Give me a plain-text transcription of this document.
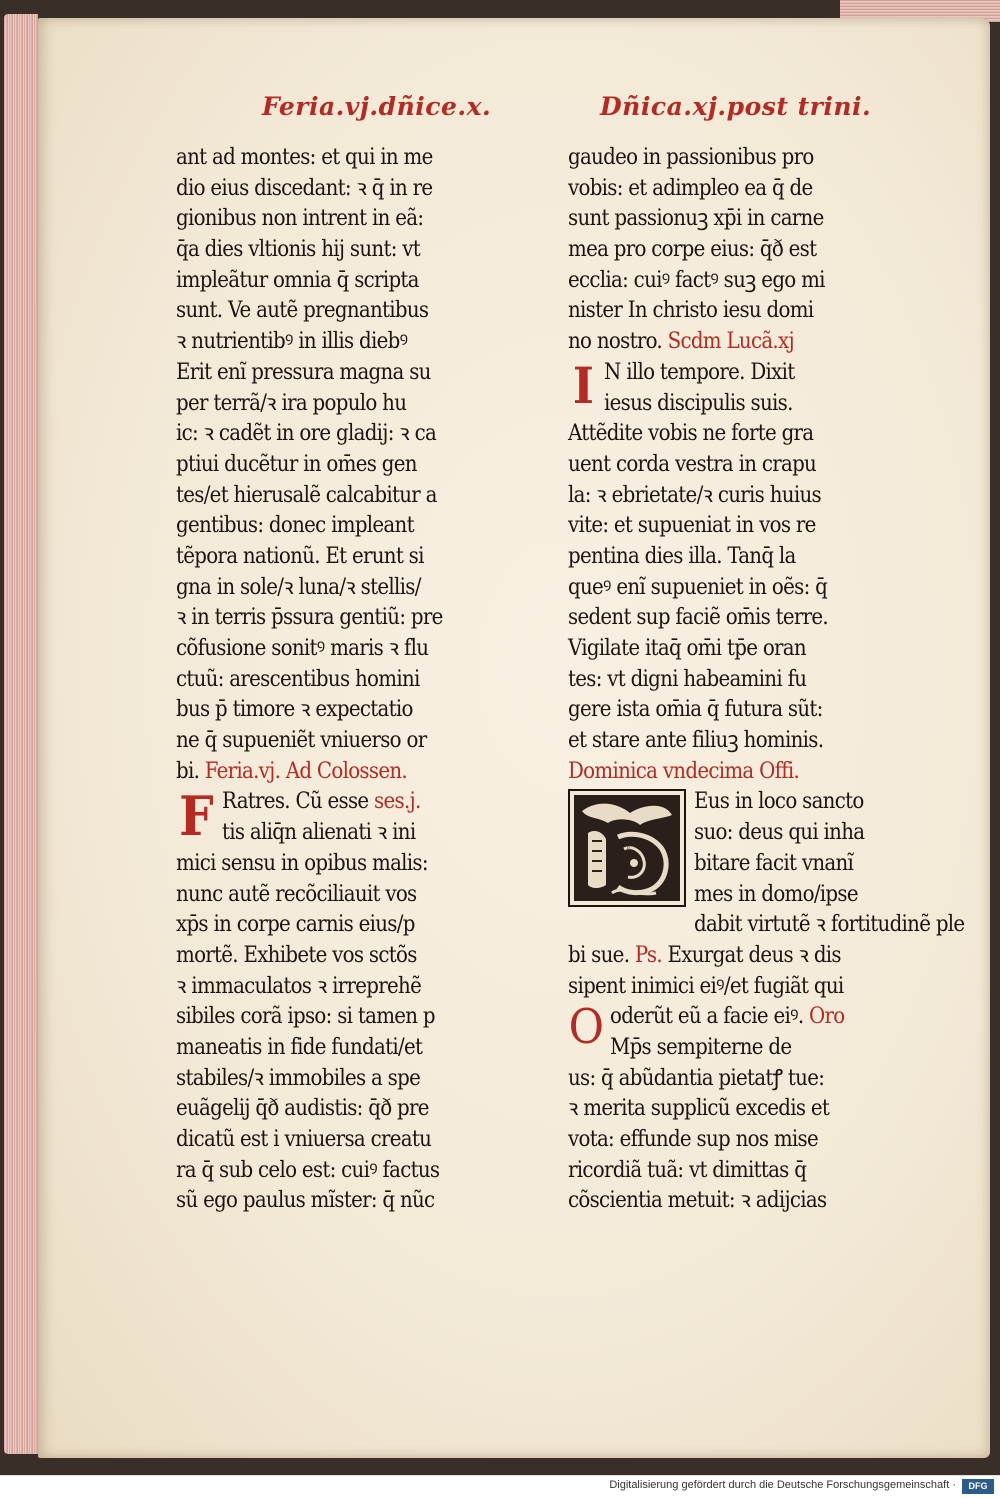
Feria.vj.dñice.x.	Dñica.xj.post trini.
ant ad montes: et qui in me
dio eius discedant: ꝛ q̄ in re
gionibus non intrent in eã:
q̄a dies vltionis hij sunt: vt
impleãtur omnia q̄ scripta
sunt. Ve autẽ pregnantibus
ꝛ nutrientibꝰ in illis diebꝰ
Erit enĩ pressura magna su
per terrã/ꝛ ira populo hu
ic: ꝛ cadẽt in ore gladij: ꝛ ca
ptiui ducẽtur in om̄es gen
tes/et hierusalẽ calcabitur a
gentibus: donec impleant
tẽpora nationũ. Et erunt si
gna in sole/ꝛ luna/ꝛ stellis/
ꝛ in terris p̄ssura gentiũ: pre
cõfusione sonitꝰ maris ꝛ flu
ctuũ: arescentibus homini
bus p̄ timore ꝛ expectatio
ne q̄ supueniẽt vniuerso or
bi. Feria.vj. Ad Colossen.
F Ratres. Cũ esse ses.j.
tis aliq̄n alienati ꝛ ini
mici sensu in opibus malis:
nunc autẽ recõciliauit vos
xp̄s in corpe carnis eius/p
mortẽ. Exhibete vos sctõs
ꝛ immaculatos ꝛ irreprehẽ
sibiles corã ipso: si tamen p
maneatis in fide fundati/et
stabiles/ꝛ immobiles a spe
euãgelij q̄ð audistis: q̄ð pre
dicatũ est i vniuersa creatu
ra q̄ sub celo est: cuiꝰ factus
sũ ego paulus mĩster: q̄ nũc
gaudeo in passionibus pro
vobis: et adimpleo ea q̄ de
sunt passionuꝫ xp̄i in carne
mea pro corpe eius: q̄ð est
ecclia: cuiꝰ factꝰ suꝫ ego mi
nister In christo iesu domi
no nostro. Scdm Lucã.xj
I N illo tempore. Dixit
iesus discipulis suis.
Attẽdite vobis ne forte gra
uent corda vestra in crapu
la: ꝛ ebrietate/ꝛ curis huius
vite: et supueniat in vos re
pentina dies illa. Tanq̄ la
queꝰ enĩ supueniet in oẽs: q̄
sedent sup faciẽ om̄is terre.
Vigilate itaq̄ om̄i tp̄e oran
tes: vt digni habeamini fu
gere ista om̄ia q̄ futura sũt:
et stare ante filiuꝫ hominis.
Dominica vndecima Offi.
D
Eus in loco sancto
suo: deus qui inha
bitare facit vnanĩ
mes in domo/ipse
dabit virtutẽ ꝛ fortitudinẽ ple
bi sue. Ps. Exurgat deus ꝛ dis
sipent inimici eiꝰ/et fugiãt qui
O oderũt eũ a facie eiꝰ. Oro
Mp̄s sempiterne de
us: q̄ abũdantia pietatꝭ tue:
ꝛ merita supplicũ excedis et
vota: effunde sup nos mise
ricordiã tuã: vt dimittas q̄
cõscientia metuit: ꝛ adijcias
Digitalisierung gefördert durch die Deutsche Forschungsgemeinschaft ·	DFG
